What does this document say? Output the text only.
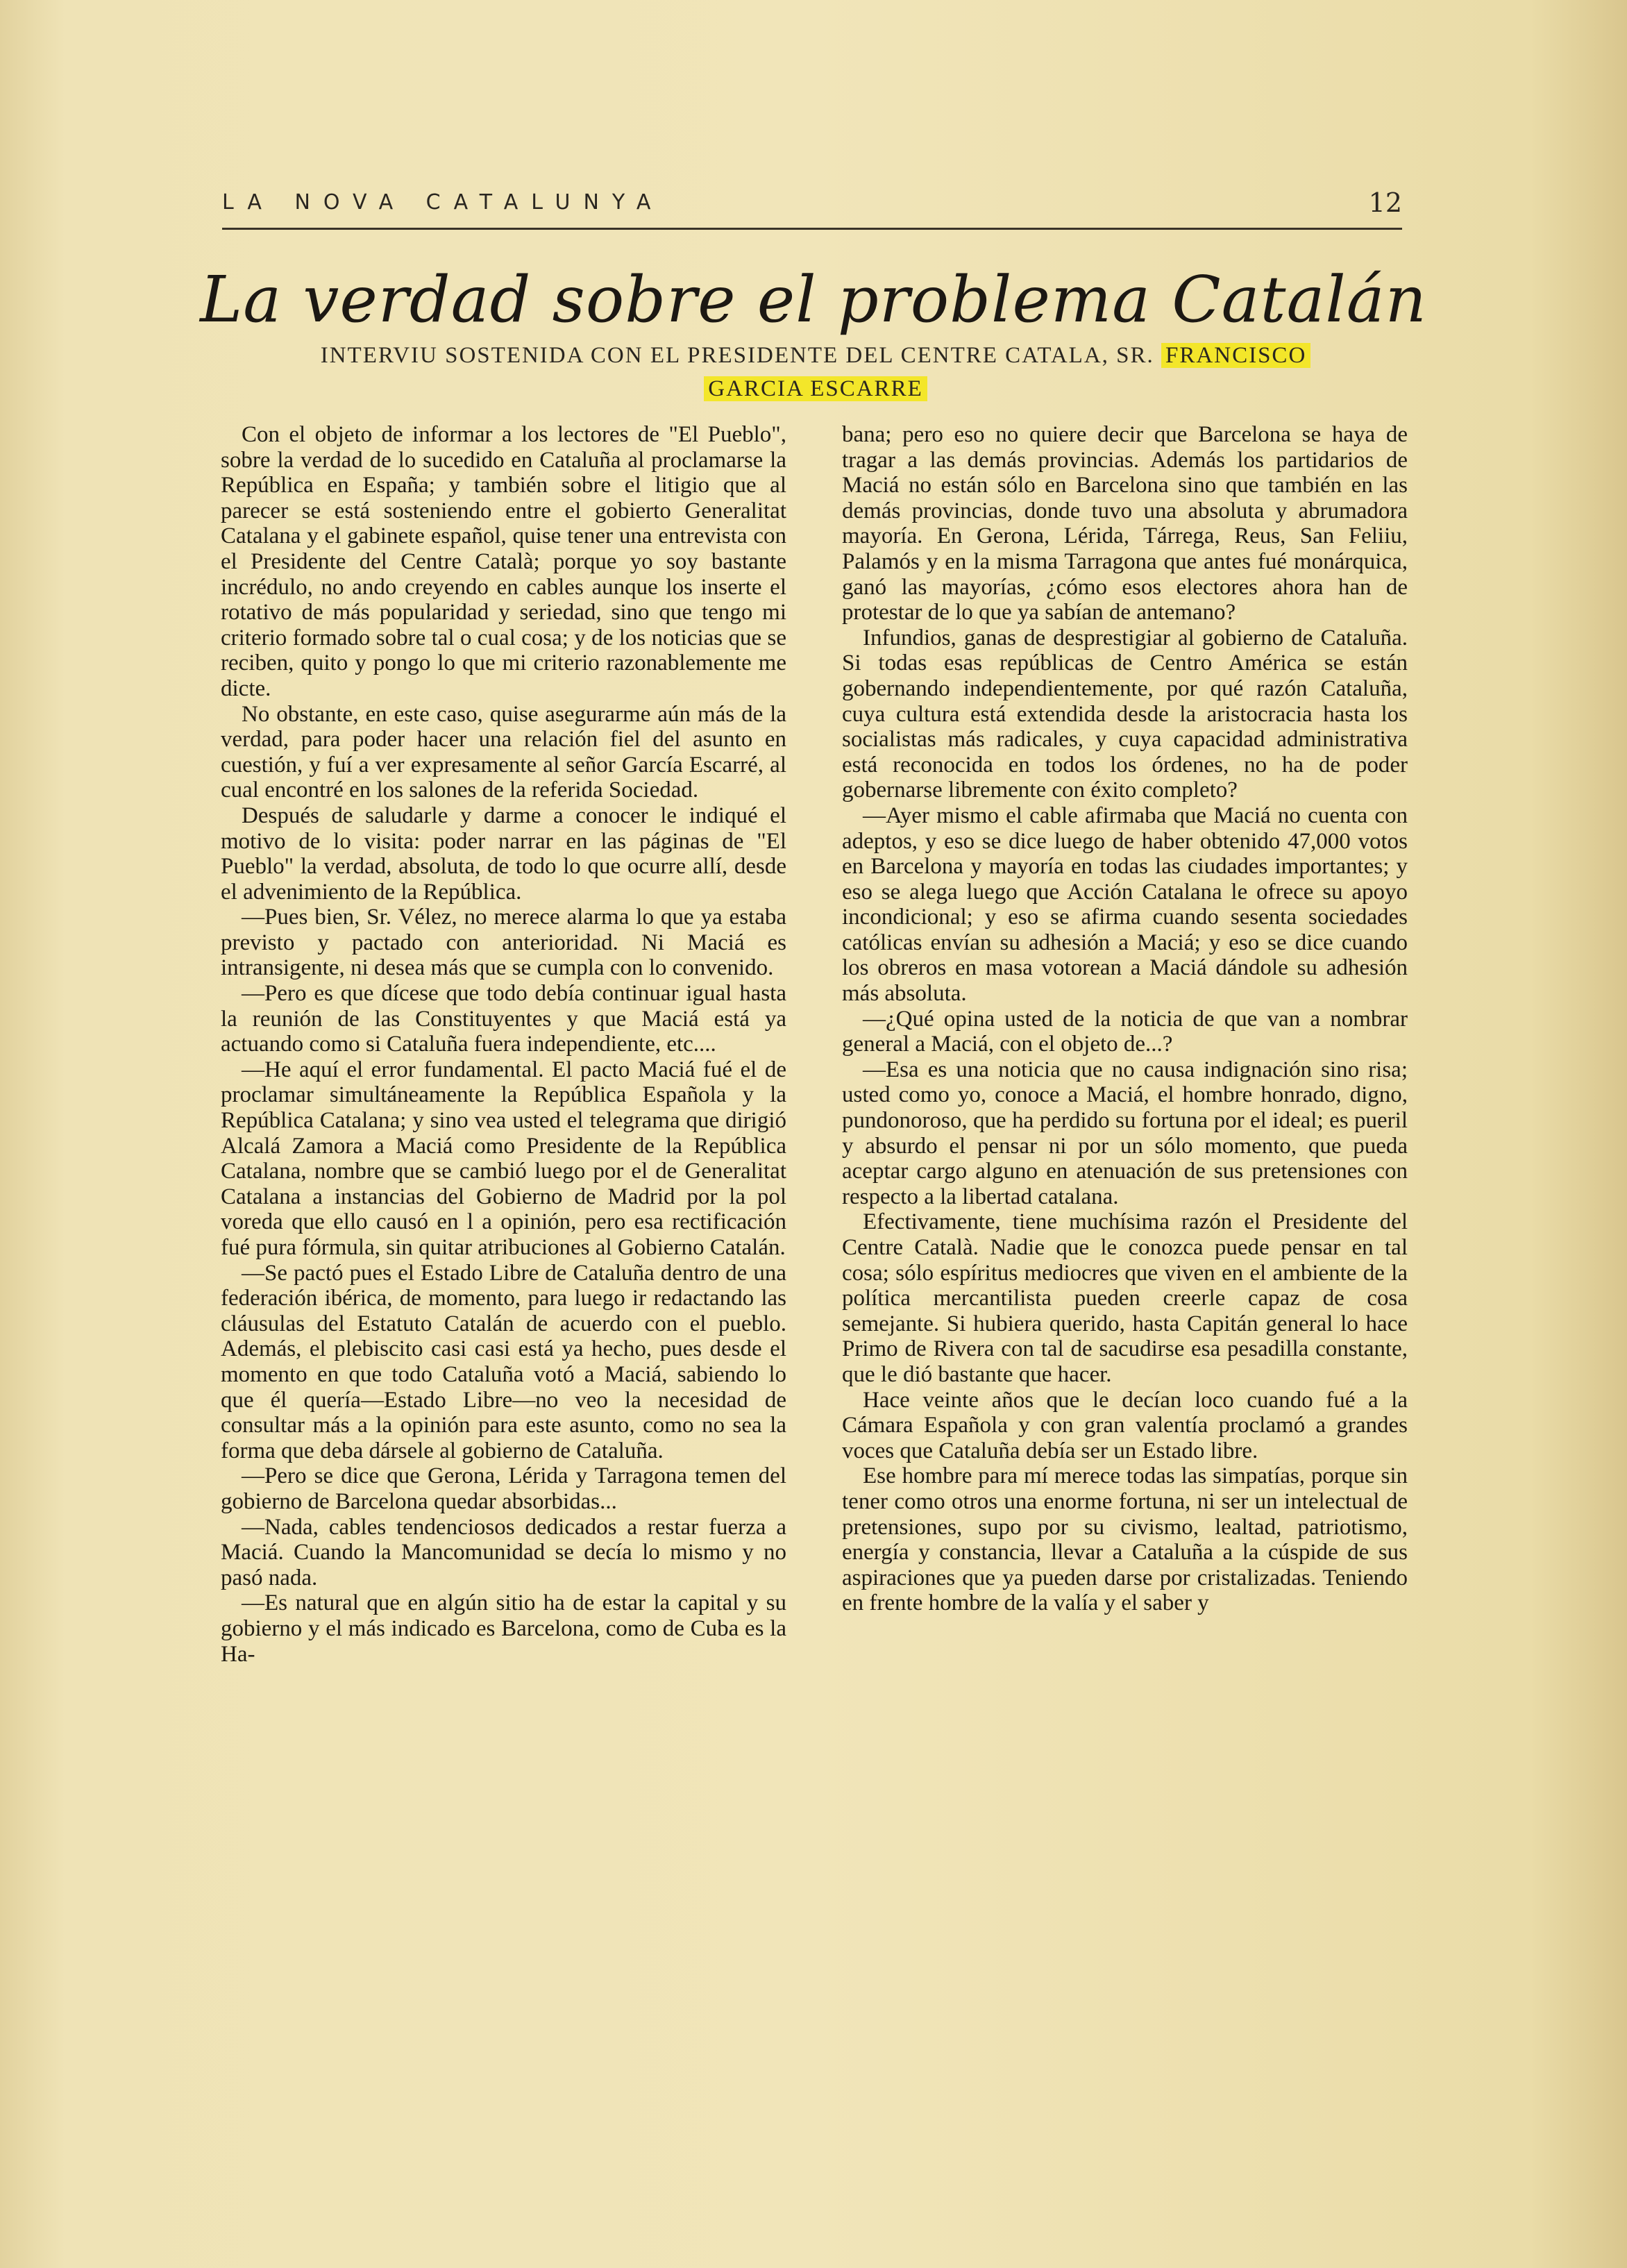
LA NOVA CATALUNYA	12
La verdad sobre el problema Catalán
INTERVIU SOSTENIDA CON EL PRESIDENTE DEL CENTRE CATALA, SR. FRANCISCO
GARCIA ESCARRE

Con el objeto de informar a los lectores de "El Pueblo", sobre la verdad de lo sucedido en Cataluña al proclamarse la República en España; y también sobre el litigio que al parecer se está sosteniendo entre el gobierto Generalitat Catalana y el gabinete español, quise tener una entrevista con el Presidente del Centre Català; porque yo soy bastante incrédulo, no ando creyendo en cables aunque los inserte el rotativo de más popularidad y seriedad, sino que tengo mi criterio formado sobre tal o cual cosa; y de los noticias que se reciben, quito y pongo lo que mi criterio razonablemente me dicte.

No obstante, en este caso, quise asegurarme aún más de la verdad, para poder hacer una relación fiel del asunto en cuestión, y fuí a ver expresamente al señor García Escarré, al cual encontré en los salones de la referida Sociedad.

Después de saludarle y darme a conocer le indiqué el motivo de lo visita: poder narrar en las páginas de "El Pueblo" la verdad, absoluta, de todo lo que ocurre allí, desde el advenimiento de la República.

—Pues bien, Sr. Vélez, no merece alarma lo que ya estaba previsto y pactado con anterioridad. Ni Maciá es intransigente, ni desea más que se cumpla con lo convenido.

—Pero es que dícese que todo debía continuar igual hasta la reunión de las Constituyentes y que Maciá está ya actuando como si Cataluña fuera independiente, etc....

—He aquí el error fundamental. El pacto Maciá fué el de proclamar simultáneamente la República Española y la República Catalana; y sino vea usted el telegrama que dirigió Alcalá Zamora a Maciá como Presidente de la República Catalana, nombre que se cambió luego por el de Generalitat Catalana a instancias del Gobierno de Madrid por la pol voreda que ello causó en l a opinión, pero esa rectificación fué pura fórmula, sin quitar atribuciones al Gobierno Catalán.

—Se pactó pues el Estado Libre de Cataluña dentro de una federación ibérica, de momento, para luego ir redactando las cláusulas del Estatuto Catalán de acuerdo con el pueblo. Además, el plebiscito casi casi está ya hecho, pues desde el momento en que todo Cataluña votó a Maciá, sabiendo lo que él quería—Estado Libre—no veo la necesidad de consultar más a la opinión para este asunto, como no sea la forma que deba dársele al gobierno de Cataluña.

—Pero se dice que Gerona, Lérida y Tarragona temen del gobierno de Barcelona quedar absorbidas...

—Nada, cables tendenciosos dedicados a restar fuerza a Maciá. Cuando la Mancomunidad se decía lo mismo y no pasó nada.

—Es natural que en algún sitio ha de estar la capital y su gobierno y el más indicado es Barcelona, como de Cuba es la Ha-

bana; pero eso no quiere decir que Barcelona se haya de tragar a las demás provincias. Además los partidarios de Maciá no están sólo en Barcelona sino que también en las demás provincias, donde tuvo una absoluta y abrumadora mayoría. En Gerona, Lérida, Tárrega, Reus, San Feliiu, Palamós y en la misma Tarragona que antes fué monárquica, ganó las mayorías, ¿cómo esos electores ahora han de protestar de lo que ya sabían de antemano?

Infundios, ganas de desprestigiar al gobierno de Cataluña. Si todas esas repúblicas de Centro América se están gobernando independientemente, por qué razón Cataluña, cuya cultura está extendida desde la aristocracia hasta los socialistas más radicales, y cuya capacidad administrativa está reconocida en todos los órdenes, no ha de poder gobernarse libremente con éxito completo?

—Ayer mismo el cable afirmaba que Maciá no cuenta con adeptos, y eso se dice luego de haber obtenido 47,000 votos en Barcelona y mayoría en todas las ciudades importantes; y eso se alega luego que Acción Catalana le ofrece su apoyo incondicional; y eso se afirma cuando sesenta sociedades católicas envían su adhesión a Maciá; y eso se dice cuando los obreros en masa votorean a Maciá dándole su adhesión más absoluta.

—¿Qué opina usted de la noticia de que van a nombrar general a Maciá, con el objeto de...?

—Esa es una noticia que no causa indignación sino risa; usted como yo, conoce a Maciá, el hombre honrado, digno, pundonoroso, que ha perdido su fortuna por el ideal; es pueril y absurdo el pensar ni por un sólo momento, que pueda aceptar cargo alguno en atenuación de sus pretensiones con respecto a la libertad catalana.

Efectivamente, tiene muchísima razón el Presidente del Centre Català. Nadie que le conozca puede pensar en tal cosa; sólo espíritus mediocres que viven en el ambiente de la política mercantilista pueden creerle capaz de cosa semejante. Si hubiera querido, hasta Capitán general lo hace Primo de Rivera con tal de sacudirse esa pesadilla constante, que le dió bastante que hacer.

Hace veinte años que le decían loco cuando fué a la Cámara Española y con gran valentía proclamó a grandes voces que Cataluña debía ser un Estado libre.

Ese hombre para mí merece todas las simpatías, porque sin tener como otros una enorme fortuna, ni ser un intelectual de pretensiones, supo por su civismo, lealtad, patriotismo, energía y constancia, llevar a Cataluña a la cúspide de sus aspiraciones que ya pueden darse por cristalizadas. Teniendo en frente hombre de la valía y el saber y
